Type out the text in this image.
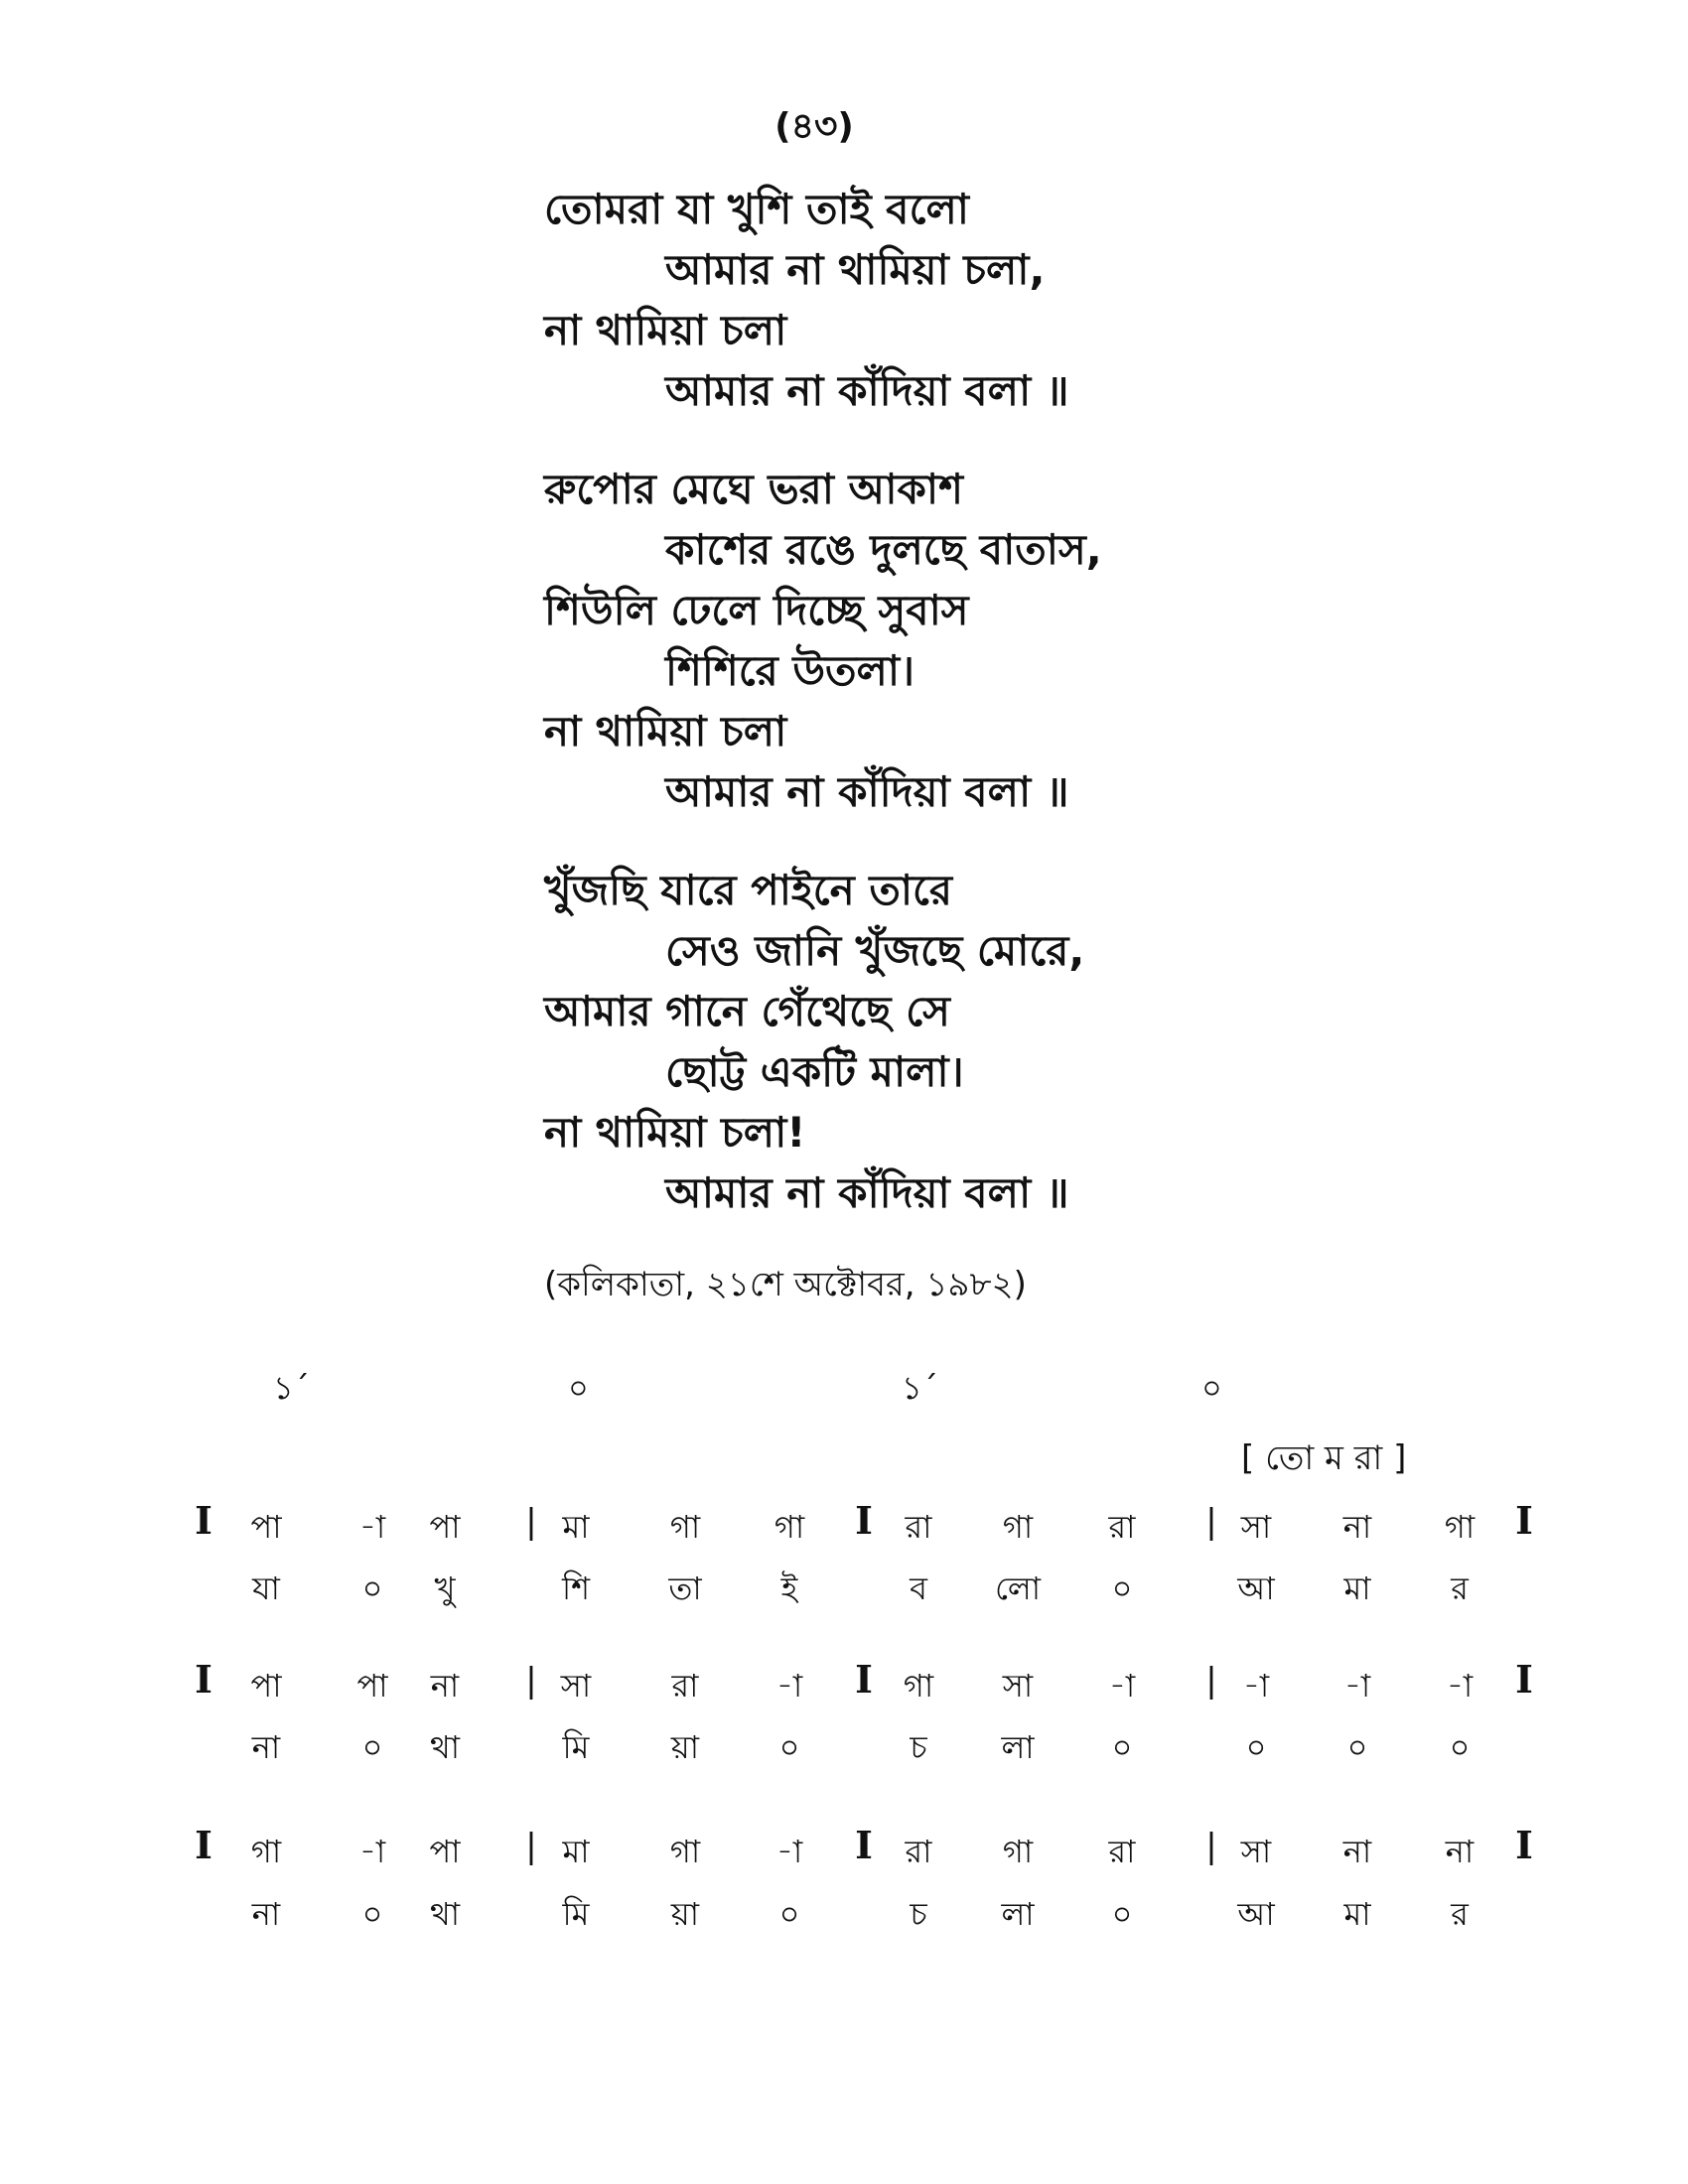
(৪৩)
তোমরা যা খুশি তাই বলো
আমার না থামিয়া চলা,
না থামিয়া চলা
আমার না কাঁদিয়া বলা ॥
রুপোর মেঘে ভরা আকাশ
কাশের রঙে দুলছে বাতাস,
শিউলি ঢেলে দিচ্ছে সুবাস
শিশিরে উতলা।
না থামিয়া চলা
আমার না কাঁদিয়া বলা ॥
খুঁজছি যারে পাইনে তারে
সেও জানি খুঁজছে মোরে,
আমার গানে গেঁথেছে সে
ছোট্ট একটি মালা।
না থামিয়া চলা!
আমার না কাঁদিয়া বলা ॥
(কলিকাতা, ২১শে অক্টোবর, ১৯৮২)
১´	০	১´	০
[ তো ম রা ]
I	I	I
|	|
পা	-া	পা	মা	গা	গা	রা	গা	রা	সা	না	গা
যা	০	খু	শি	তা	ই	ব	লো	০	আ	মা	র
I	I	I
|	|
পা	পা	না	সা	রা	-া	গা	সা	-া	-া	-া	-া
না	০	থা	মি	য়া	০	চ	লা	০	০	০	০
I	I	I
|	|
গা	-া	পা	মা	গা	-া	রা	গা	রা	সা	না	না
না	০	থা	মি	য়া	০	চ	লা	০	আ	মা	র
